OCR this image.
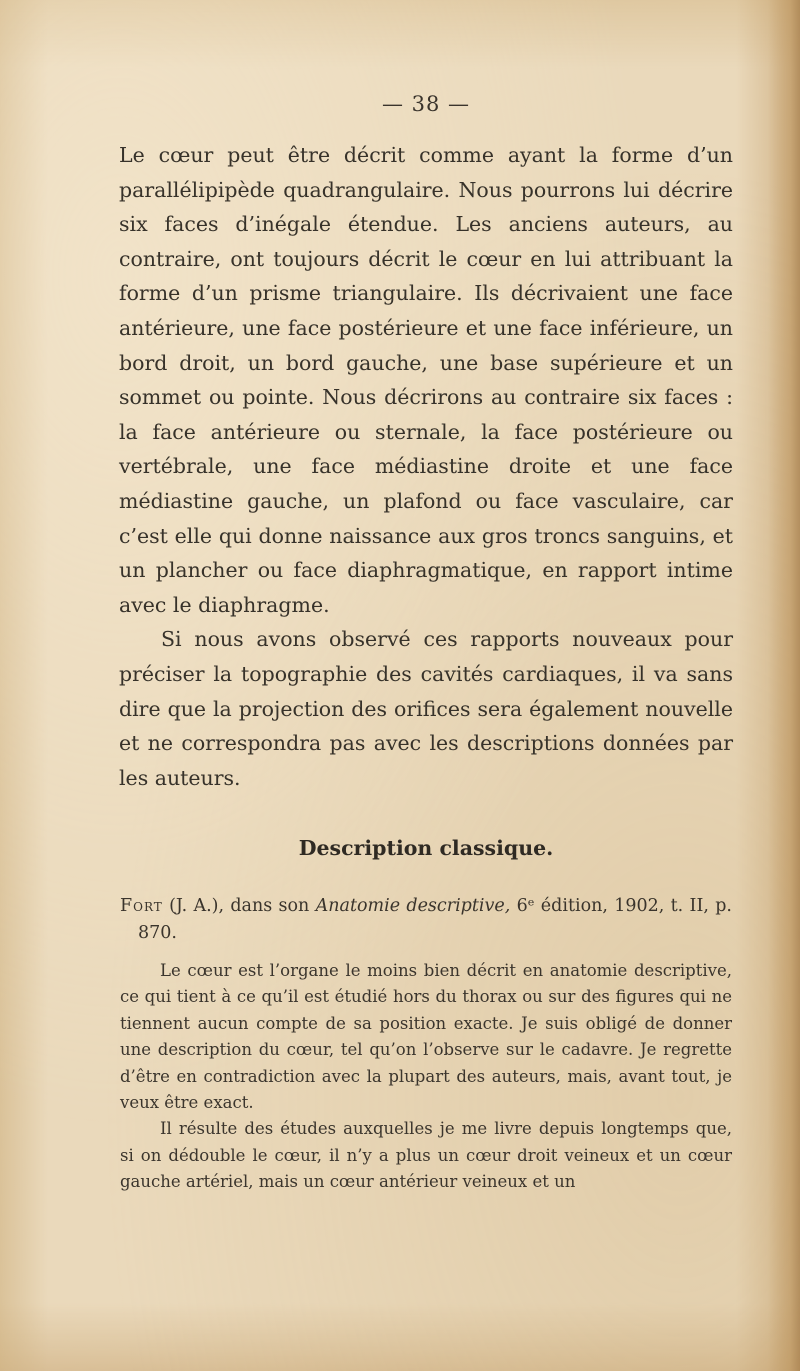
— 38 —

Le cœur peut être décrit comme ayant la forme d’un parallélipipède quadrangulaire. Nous pourrons lui décrire six faces d’inégale étendue. Les anciens auteurs, au contraire, ont toujours décrit le cœur en lui attribuant la forme d’un prisme triangulaire. Ils décrivaient une face antérieure, une face postérieure et une face inférieure, un bord droit, un bord gauche, une base supérieure et un sommet ou pointe. Nous décrirons au contraire six faces : la face antérieure ou sternale, la face postérieure ou vertébrale, une face médiastine droite et une face médiastine gauche, un plafond ou face vasculaire, car c’est elle qui donne naissance aux gros troncs sanguins, et un plancher ou face diaphragmatique, en rapport intime avec le diaphragme.

Si nous avons observé ces rapports nouveaux pour préciser la topographie des cavités cardiaques, il va sans dire que la projection des orifices sera également nouvelle et ne correspondra pas avec les descriptions données par les auteurs.

Description classique.
Fort (J. A.), dans son Anatomie descriptive, 6ᵉ édition, 1902, t. II, p. 870.

Le cœur est l’organe le moins bien décrit en anatomie descriptive, ce qui tient à ce qu’il est étudié hors du thorax ou sur des figures qui ne tiennent aucun compte de sa position exacte. Je suis obligé de donner une description du cœur, tel qu’on l’observe sur le cadavre. Je regrette d’être en contradiction avec la plupart des auteurs, mais, avant tout, je veux être exact.

Il résulte des études auxquelles je me livre depuis longtemps que, si on dédouble le cœur, il n’y a plus un cœur droit veineux et un cœur gauche artériel, mais un cœur antérieur veineux et un
